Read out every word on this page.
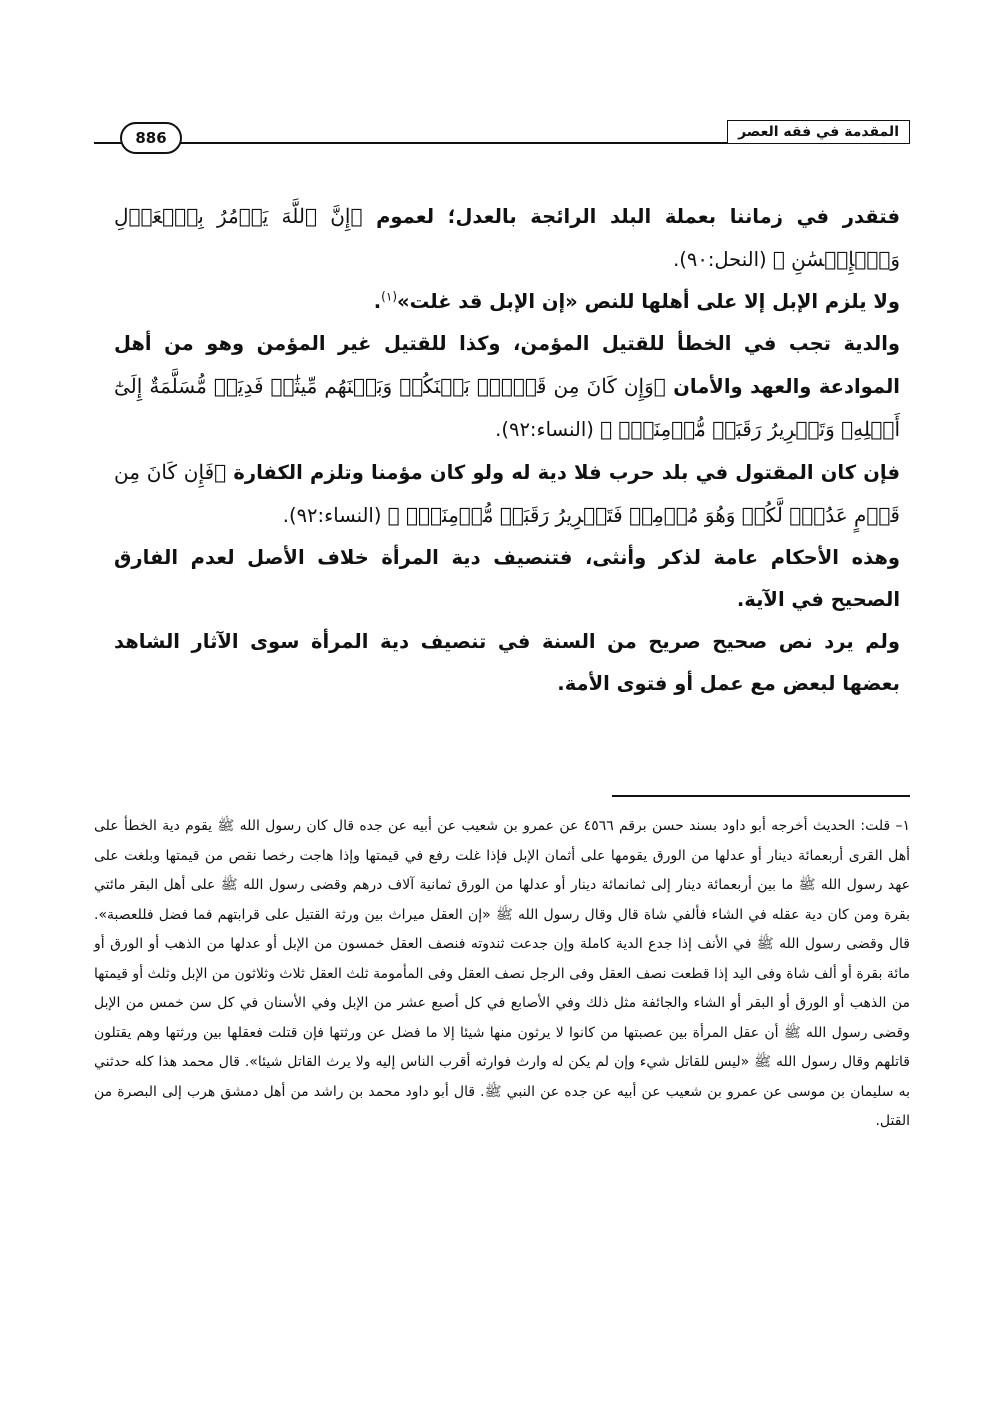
المقدمة في فقه العصر
886

فتقدر في زماننا بعملة البلد الرائجة بالعدل؛ لعموم ﴿إِنَّ ٱللَّهَ يَأۡمُرُ بِٱلۡعَدۡلِ وَٱلۡإِحۡسَٰنِ ﴾ (النحل:٩٠).

ولا يلزم الإبل إلا على أهلها للنص «إن الإبل قد غلت»$^{(١)}$.

والدية تجب في الخطأ للقتيل المؤمن، وكذا للقتيل غير المؤمن وهو من أهل الموادعة والعهد والأمان ﴿وَإِن كَانَ مِن قَوۡمِۭ بَيۡنَكُمۡ وَبَيۡنَهُم مِّيثَٰقٞ فَدِيَةٞ مُّسَلَّمَةٌ إِلَىٰٓ أَهۡلِهِۦ وَتَحۡرِيرُ رَقَبَةٖ مُّؤۡمِنَةٖۖ ﴾ (النساء:٩٢).

فإن كان المقتول في بلد حرب فلا دية له ولو كان مؤمنا وتلزم الكفارة ﴿فَإِن كَانَ مِن قَوۡمٍ عَدُوّٖ لَّكُمۡ وَهُوَ مُؤۡمِنٞ فَتَحۡرِيرُ رَقَبَةٖ مُّؤۡمِنَةٖۖ ﴾ (النساء:٩٢).

وهذه الأحكام عامة لذكر وأنثى، فتنصيف دية المرأة خلاف الأصل لعدم الفارق الصحيح في الآية.

ولم يرد نص صحيح صريح من السنة في تنصيف دية المرأة سوى الآثار الشاهد بعضها لبعض مع عمل أو فتوى الأمة.

١– قلت: الحديث أخرجه أبو داود بسند حسن برقم ٤٥٦٦ عن عمرو بن شعيب عن أبيه عن جده قال كان رسول الله ﷺ يقوم دية الخطأ على أهل القرى أربعمائة دينار أو عدلها من الورق يقومها على أثمان الإبل فإذا غلت رفع في قيمتها وإذا هاجت رخصا نقص من قيمتها وبلغت على عهد رسول الله ﷺ ما بين أربعمائة دينار إلى ثمانمائة دينار أو عدلها من الورق ثمانية آلاف درهم وقضى رسول الله ﷺ على أهل البقر مائتي بقرة ومن كان دية عقله في الشاء فألفي شاة قال وقال رسول الله ﷺ «إن العقل ميراث بين ورثة القتيل على قرابتهم فما فضل فللعصبة». قال وقضى رسول الله ﷺ في الأنف إذا جدع الدية كاملة وإن جدعت ثندوته فنصف العقل خمسون من الإبل أو عدلها من الذهب أو الورق أو مائة بقرة أو ألف شاة وفى اليد إذا قطعت نصف العقل وفى الرجل نصف العقل وفى المأمومة ثلث العقل ثلاث وثلاثون من الإبل وثلث أو قيمتها من الذهب أو الورق أو البقر أو الشاء والجائفة مثل ذلك وفي الأصابع في كل أصبع عشر من الإبل وفي الأسنان في كل سن خمس من الإبل وقضى رسول الله ﷺ أن عقل المرأة بين عصبتها من كانوا لا يرثون منها شيئا إلا ما فضل عن ورثتها فإن قتلت فعقلها بين ورثتها وهم يقتلون قاتلهم وقال رسول الله ﷺ «ليس للقاتل شيء وإن لم يكن له وارث فوارثه أقرب الناس إليه ولا يرث القاتل شيئا». قال محمد هذا كله حدثني به سليمان بن موسى عن عمرو بن شعيب عن أبيه عن جده عن النبي ﷺ. قال أبو داود محمد بن راشد من أهل دمشق هرب إلى البصرة من القتل.
